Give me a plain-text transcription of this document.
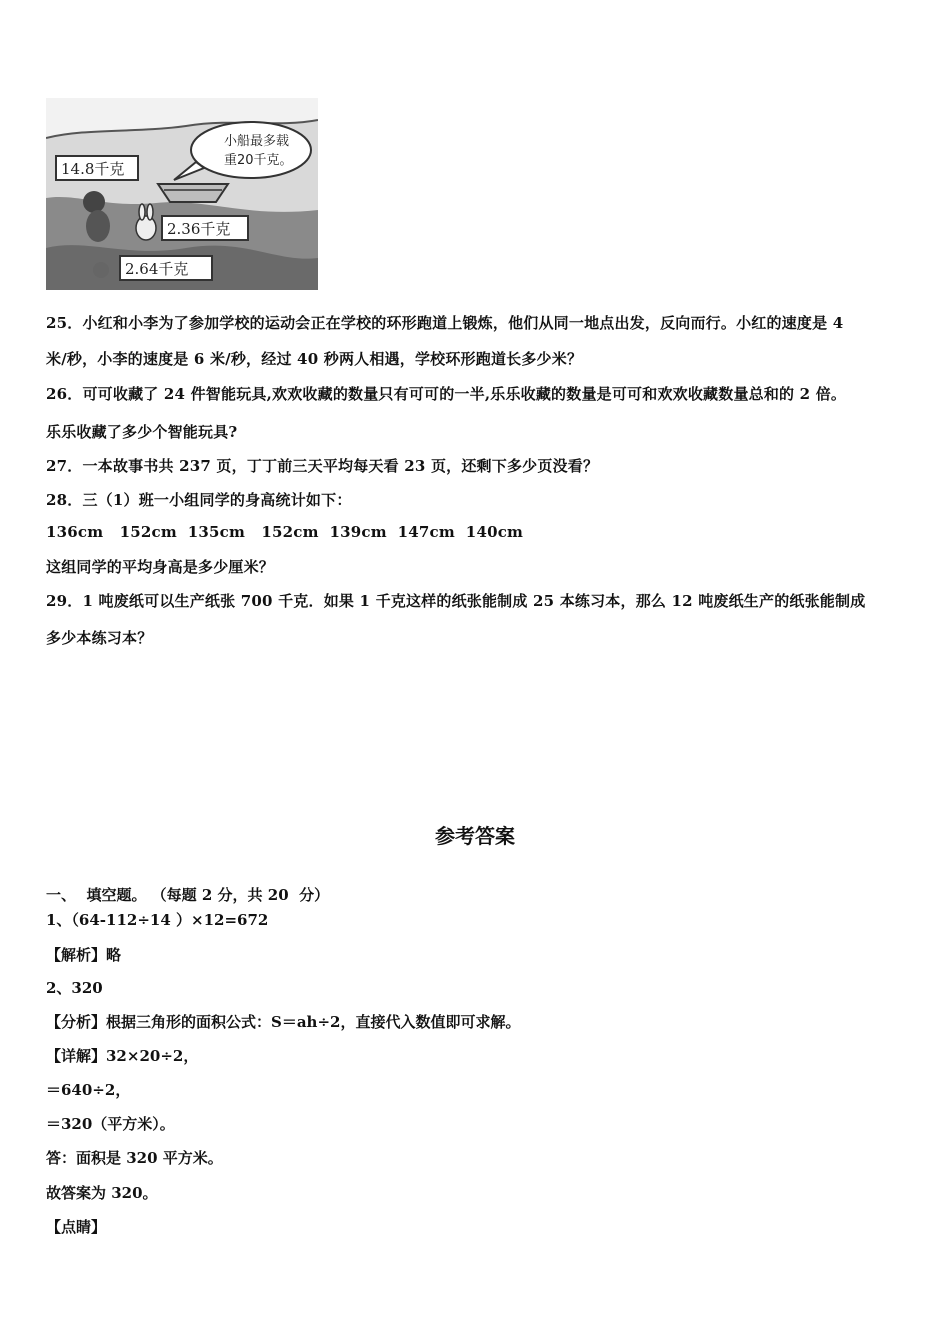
小船最多载
重20千克。
14.8千克
2.36千克
2.64千克
25．小红和小李为了参加学校的运动会正在学校的环形跑道上锻炼，他们从同一地点出发，反向而行。小红的速度是 4
米/秒，小李的速度是 6 米/秒，经过 40 秒两人相遇，学校环形跑道长多少米？
26．可可收藏了 24 件智能玩具,欢欢收藏的数量只有可可的一半,乐乐收藏的数量是可可和欢欢收藏数量总和的 2 倍。
乐乐收藏了多少个智能玩具?
27．一本故事书共 237 页，丁丁前三天平均每天看 23 页，还剩下多少页没看？
28．三（1）班一小组同学的身高统计如下：
136cm   152cm  135cm   152cm  139cm  147cm  140cm
这组同学的平均身高是多少厘米？
29．1 吨废纸可以生产纸张 700 千克．如果 1 千克这样的纸张能制成 25 本练习本，那么 12 吨废纸生产的纸张能制成
多少本练习本？
参考答案
一、  填空题。 （每题 2 分，共 20  分）
1、（64-112÷14 ）×12=672
【解析】略
2、320
【分析】根据三角形的面积公式：S＝ah÷2，直接代入数值即可求解。
【详解】32×20÷2，
＝640÷2，
＝320（平方米）。
答：面积是 320 平方米。
故答案为 320。
【点睛】
